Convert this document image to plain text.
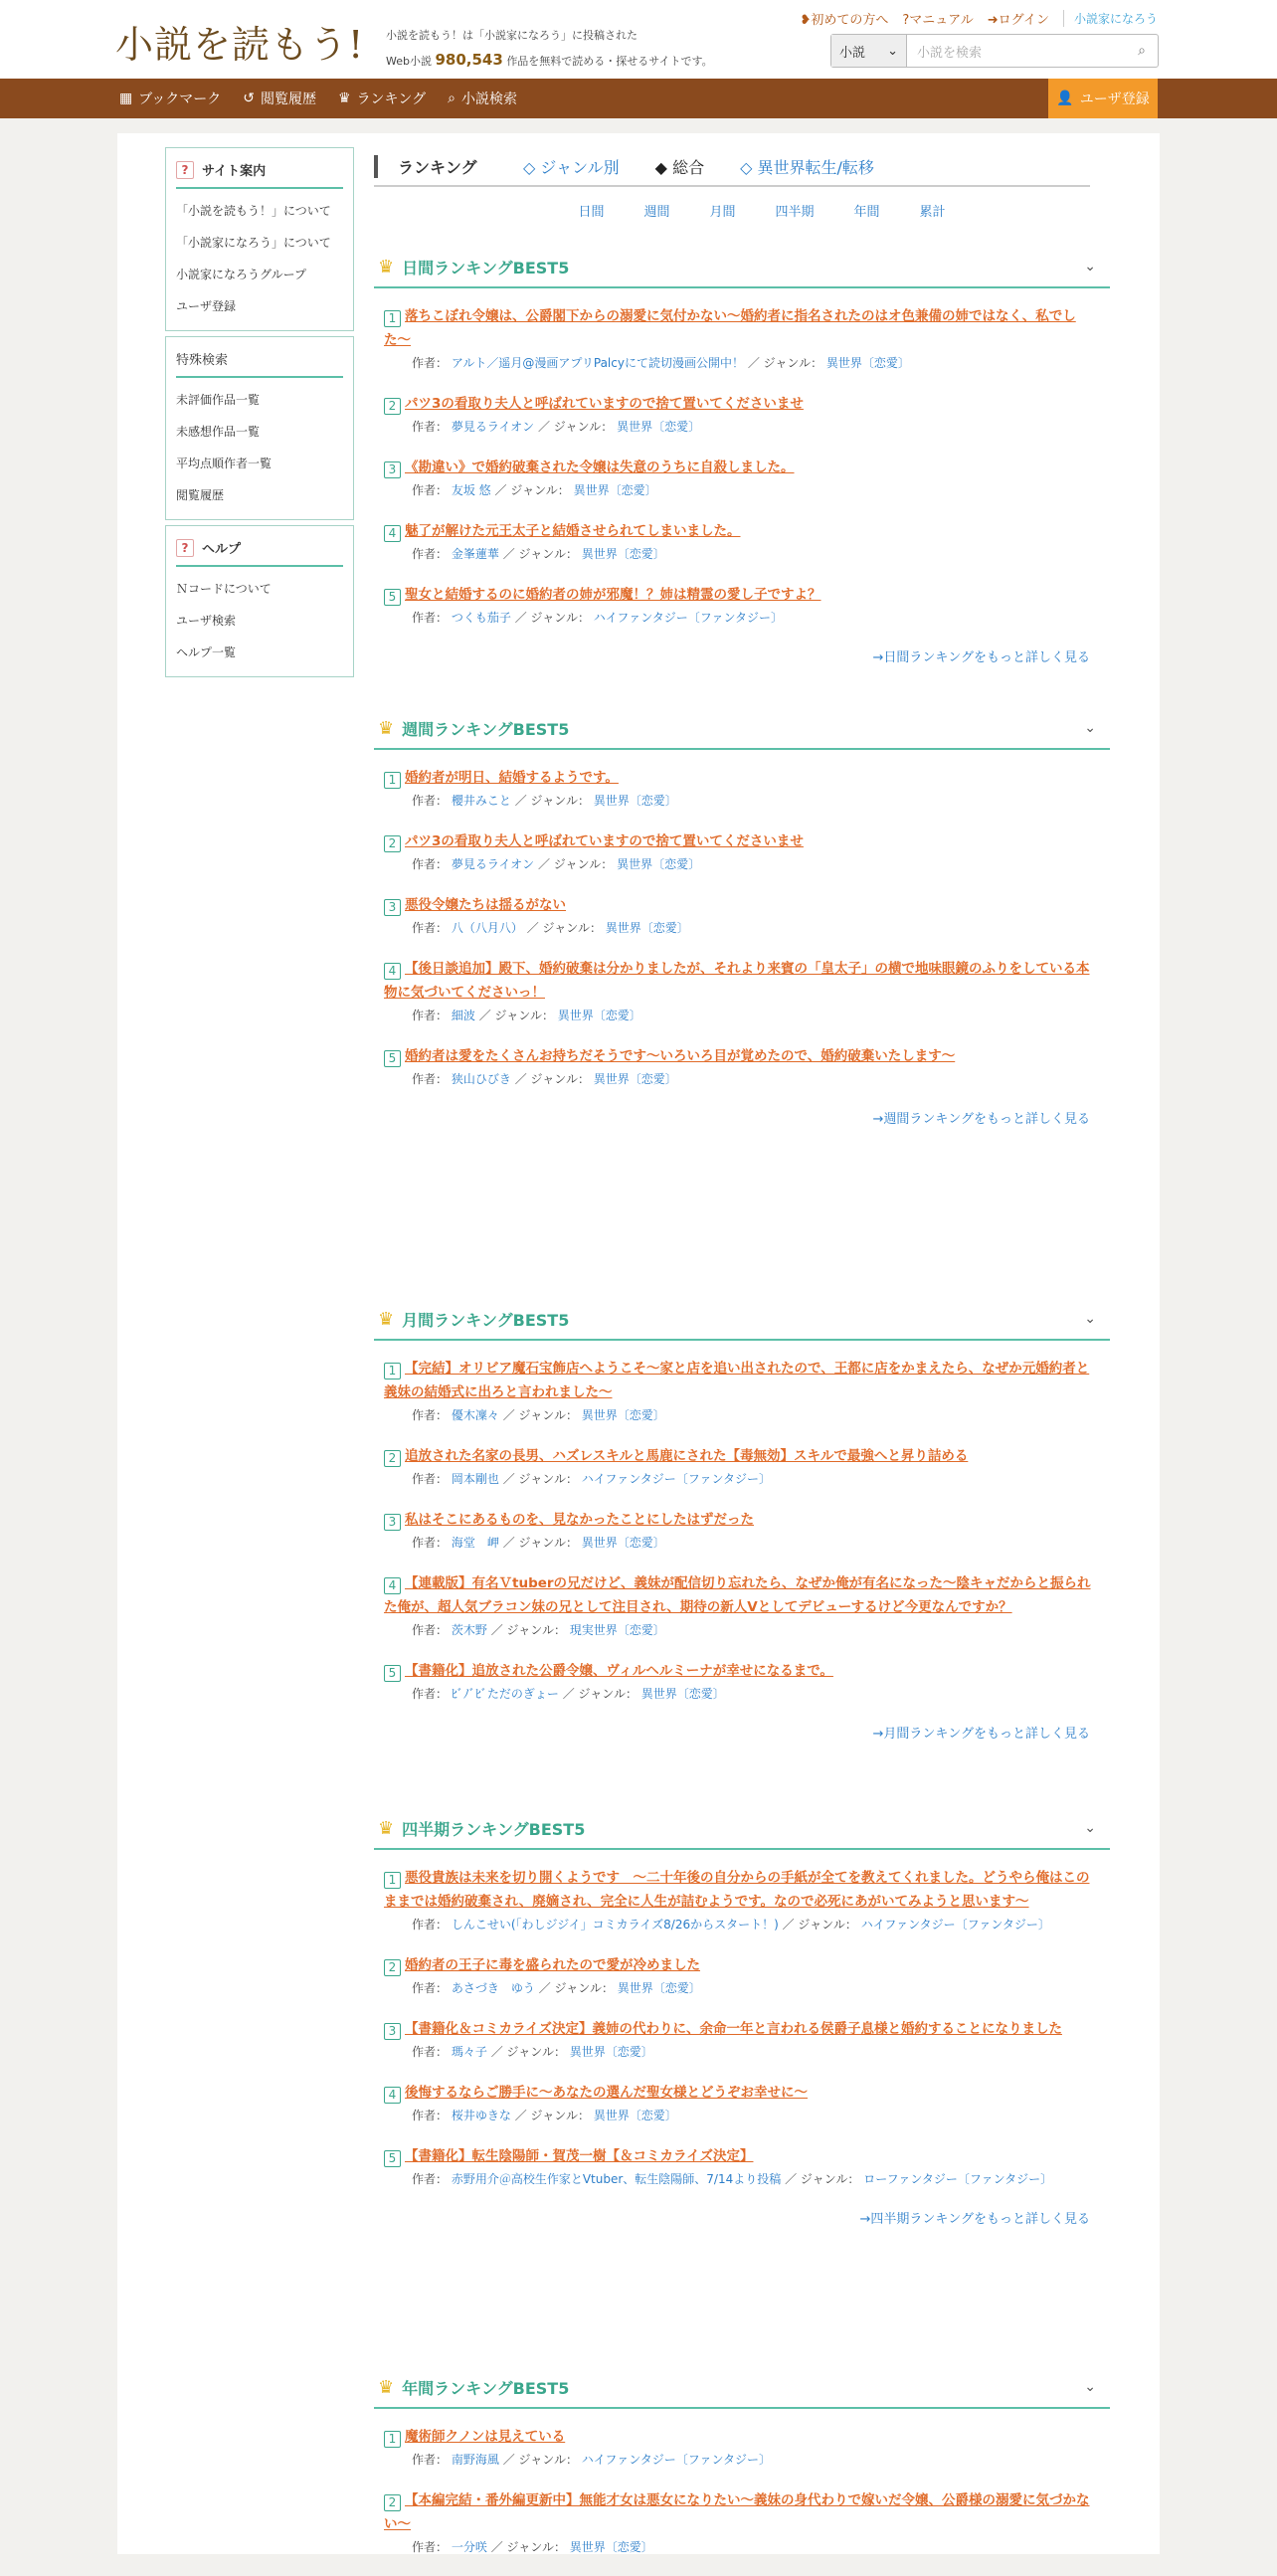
小説を読もう! 小説を読もう！は「小説家になろう」に投稿された
Web小説 980,543 作品を無料で読める・探せるサイトです。
❥初めての方へ ?マニュアル ➜ログイン	小説家になろう
小説 ⌄	小説を検索	⌕
▦ ブックマーク ↺ 閲覧履歴 ♛ ランキング ⌕ 小説検索	👤 ユーザ登録
?	サイト案内
「小説を読もう！」について
「小説家になろう」について
小説家になろうグループ
ユーザ登録
特殊検索
未評価作品一覧
未感想作品一覧
平均点順作者一覧
閲覧履歴
?	ヘルプ
Ｎコードについて
ユーザ検索
ヘルプ一覧
ランキング	◇ ジャンル別 ◆ 総合 ◇ 異世界転生/転移
日間	週間	月間	四半期	年間	累計
♛ 日間ランキングBEST5	⌄
1 落ちこぼれ令嬢は、公爵閣下からの溺愛に気付かない〜婚約者に指名されたのはオ色兼備の姉ではなく、私でした〜
作者： アルト／遥月@漫画アプリPalcyにて読切漫画公開中！ ／ ジャンル： 異世界〔恋愛〕
2 パツ3の看取り夫人と呼ばれていますので捨て置いてくださいませ
作者： 夢見るライオン ／ ジャンル： 異世界〔恋愛〕
3 《勘違い》で婚約破棄された令嬢は失意のうちに自殺しました。
作者： 友坂 悠 ／ ジャンル： 異世界〔恋愛〕
4 魅了が解けた元王太子と結婚させられてしまいました。
作者： 金峯蓮華 ／ ジャンル： 異世界〔恋愛〕
5 聖女と結婚するのに婚約者の姉が邪魔！？姉は精霊の愛し子ですよ？
作者： つくも茄子 ／ ジャンル： ハイファンタジー〔ファンタジー〕
→日間ランキングをもっと詳しく見る
♛ 週間ランキングBEST5	⌄
1 婚約者が明日、結婚するようです。
作者： 櫻井みこと ／ ジャンル： 異世界〔恋愛〕
2 パツ3の看取り夫人と呼ばれていますので捨て置いてくださいませ
作者： 夢見るライオン ／ ジャンル： 異世界〔恋愛〕
3 悪役令嬢たちは揺るがない
作者： 八（八月八） ／ ジャンル： 異世界〔恋愛〕
4 【後日談追加】殿下、婚約破棄は分かりましたが、それより来賓の「皇太子」の横で地味眼鏡のふりをしている本物に気づいてくださいっ！
作者： 細波 ／ ジャンル： 異世界〔恋愛〕
5 婚約者は愛をたくさんお持ちだそうです～いろいろ目が覚めたので、婚約破棄いたします～
作者： 狭山ひびき ／ ジャンル： 異世界〔恋愛〕
→週間ランキングをもっと詳しく見る
♛ 月間ランキングBEST5	⌄
1 【完結】オリビア魔石宝飾店へようこそ～家と店を追い出されたので、王都に店をかまえたら、なぜか元婚約者と義妹の結婚式に出ろと言われました～
作者： 優木凜々 ／ ジャンル： 異世界〔恋愛〕
2 追放された名家の長男、ハズレスキルと馬鹿にされた【毒無効】スキルで最強へと昇り詰める
作者： 岡本剛也 ／ ジャンル： ハイファンタジー〔ファンタジー〕
3 私はそこにあるものを、見なかったことにしたはずだった
作者： 海堂　岬 ／ ジャンル： 異世界〔恋愛〕
4 【連載版】有名Ｖtuberの兄だけど、義妹が配信切り忘れたら、なぜか俺が有名になった～陰キャだからと振られた俺が、超人気ブラコン妹の兄として注目され、期待の新人Vとしてデビューするけど今更なんですか？
作者： 茨木野 ／ ジャンル： 現実世界〔恋愛〕
5 【書籍化】追放された公爵令嬢、ヴィルヘルミーナが幸せになるまで。
作者： ﾋﾞﾉﾞﾋﾞただのぎょー ／ ジャンル： 異世界〔恋愛〕
→月間ランキングをもっと詳しく見る
♛ 四半期ランキングBEST5	⌄
1 悪役貴族は未来を切り開くようです　～二十年後の自分からの手紙が全てを教えてくれました。どうやら俺はこのままでは婚約破棄され、廃嫡され、完全に人生が詰むようです。なので必死にあがいてみようと思います～
作者： しんこせい(「わしジジイ」コミカライズ8/26からスタート！) ／ ジャンル： ハイファンタジー〔ファンタジー〕
2 婚約者の王子に毒を盛られたので愛が冷めました
作者： あさづき　ゆう ／ ジャンル： 異世界〔恋愛〕
3 【書籍化＆コミカライズ決定】義姉の代わりに、余命一年と言われる侯爵子息様と婚約することになりました
作者： 瑪々子 ／ ジャンル： 異世界〔恋愛〕
4 後悔するならご勝手に～あなたの選んだ聖女様とどうぞお幸せに～
作者： 桜井ゆきな ／ ジャンル： 異世界〔恋愛〕
5 【書籍化】転生陰陽師・賀茂一樹【＆コミカライズ決定】
作者： 赤野用介＠高校生作家とVtuber、転生陰陽師、7/14より投稿 ／ ジャンル： ローファンタジー〔ファンタジー〕
→四半期ランキングをもっと詳しく見る
♛ 年間ランキングBEST5	⌄
1 魔術師クノンは見えている
作者： 南野海風 ／ ジャンル： ハイファンタジー〔ファンタジー〕
2 【本編完結・番外編更新中】無能才女は悪女になりたい～義妹の身代わりで嫁いだ令嬢、公爵様の溺愛に気づかない～
作者： 一分咲 ／ ジャンル： 異世界〔恋愛〕
